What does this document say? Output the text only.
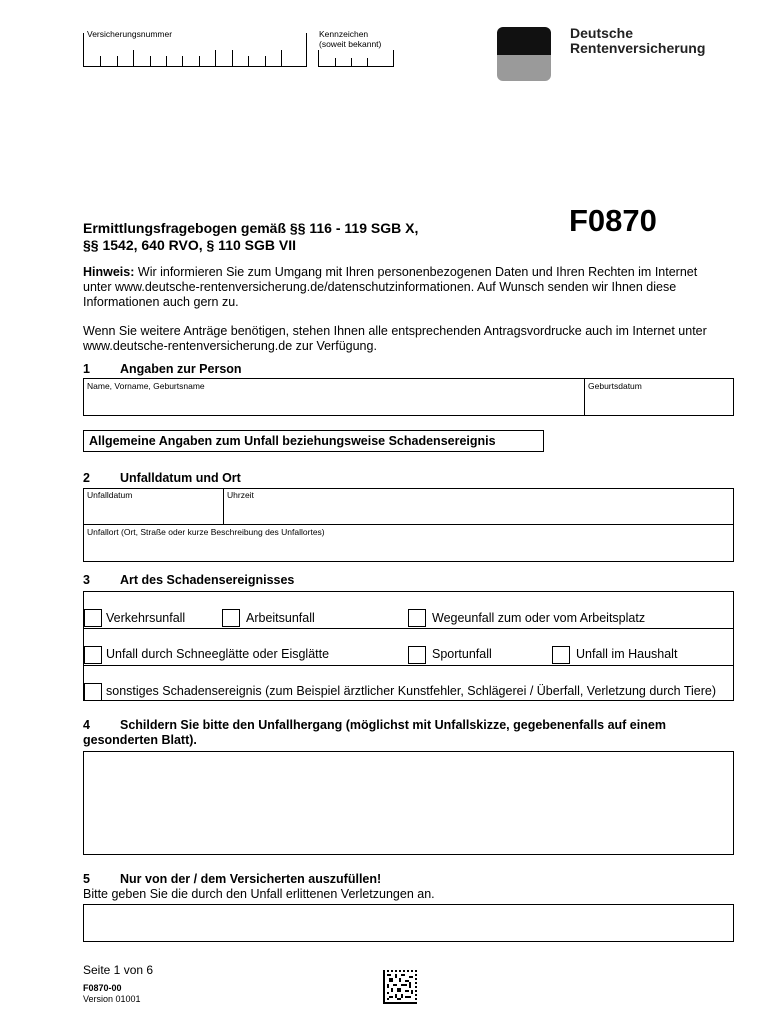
Versicherungsnummer	Kennzeichen
(soweit bekannt)
Deutsche
Rentenversicherung
Ermittlungsfragebogen gemäß §§ 116 - 119 SGB X,
§§ 1542, 640 RVO, § 110 SGB VII
F0870
Hinweis: Wir informieren Sie zum Umgang mit Ihren personenbezogenen Daten und Ihren Rechten im Internet
unter www.deutsche-rentenversicherung.de/datenschutzinformationen. Auf Wunsch senden wir Ihnen diese
Informationen auch gern zu.
Wenn Sie weitere Anträge benötigen, stehen Ihnen alle entsprechenden Antragsvordrucke auch im Internet unter
www.deutsche-rentenversicherung.de zur Verfügung.
1 Angaben zur Person
Name, Vorname, Geburtsname	Geburtsdatum
Allgemeine Angaben zum Unfall beziehungsweise Schadensereignis
2 Unfalldatum und Ort
Unfalldatum	Uhrzeit
Unfallort (Ort, Straße oder kurze Beschreibung des Unfallortes)
3 Art des Schadensereignisses
Verkehrsunfall	Arbeitsunfall	Wegeunfall zum oder vom Arbeitsplatz
Unfall durch Schneeglätte oder Eisglätte	Sportunfall	Unfall im Haushalt
sonstiges Schadensereignis (zum Beispiel ärztlicher Kunstfehler, Schlägerei / Überfall, Verletzung durch Tiere)
4	Schildern Sie bitte den Unfallhergang (möglichst mit Unfallskizze, gegebenenfalls auf einem
gesonderten Blatt).
5 Nur von der / dem Versicherten auszufüllen!
Bitte geben Sie die durch den Unfall erlittenen Verletzungen an.
Seite 1 von 6
F0870-00
Version 01001
